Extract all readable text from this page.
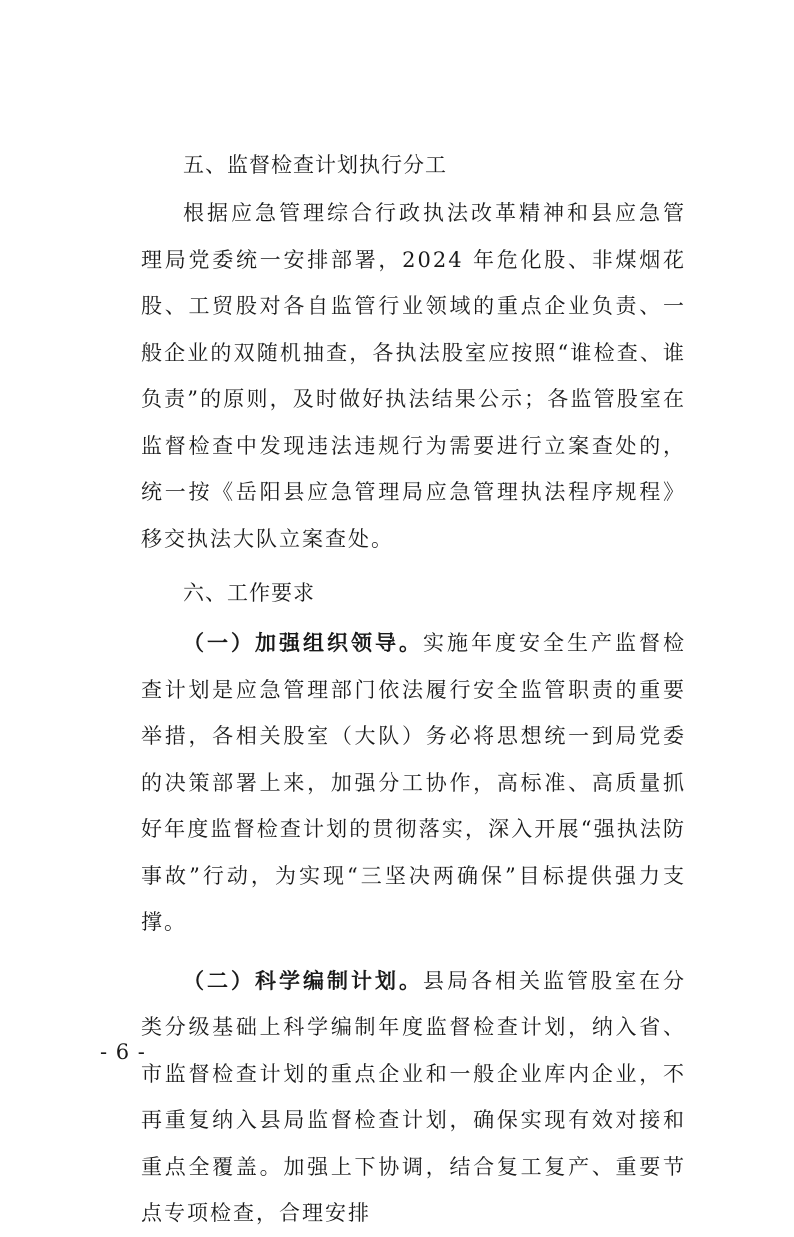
五、监督检查计划执行分工

根据应急管理综合行政执法改革精神和县应急管理局党委统一安排部署，2024 年危化股、非煤烟花股、工贸股对各自监管行业领域的重点企业负责、一般企业的双随机抽查，各执法股室应按照“谁检查、谁负责”的原则，及时做好执法结果公示；各监管股室在监督检查中发现违法违规行为需要进行立案查处的，统一按《岳阳县应急管理局应急管理执法程序规程》移交执法大队立案查处。

六、工作要求

（一）加强组织领导。实施年度安全生产监督检查计划是应急管理部门依法履行安全监管职责的重要举措，各相关股室（大队）务必将思想统一到局党委的决策部署上来，加强分工协作，高标准、高质量抓好年度监督检查计划的贯彻落实，深入开展“强执法防事故”行动，为实现“三坚决两确保”目标提供强力支撑。

（二）科学编制计划。县局各相关监管股室在分类分级基础上科学编制年度监督检查计划，纳入省、市监督检查计划的重点企业和一般企业库内企业，不再重复纳入县局监督检查计划，确保实现有效对接和重点全覆盖。加强上下协调，结合复工复产、重要节点专项检查，合理安排

- 6 -
